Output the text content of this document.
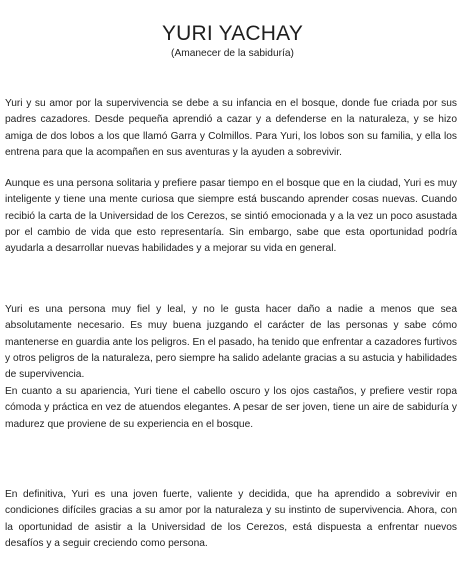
YURI YACHAY
(Amanecer de la sabiduría)

Yuri y su amor por la supervivencia se debe a su infancia en el bosque, donde fue criada por sus padres cazadores. Desde pequeña aprendió a cazar y a defenderse en la naturaleza, y se hizo amiga de dos lobos a los que llamó Garra y Colmillos. Para Yuri, los lobos son su familia, y ella los entrena para que la acompañen en sus aventuras y la ayuden a sobrevivir.

Aunque es una persona solitaria y prefiere pasar tiempo en el bosque que en la ciudad, Yuri es muy inteligente y tiene una mente curiosa que siempre está buscando aprender cosas nuevas. Cuando recibió la carta de la Universidad de los Cerezos, se sintió emocionada y a la vez un poco asustada por el cambio de vida que esto representaría. Sin embargo, sabe que esta oportunidad podría ayudarla a desarrollar nuevas habilidades y a mejorar su vida en general.

Yuri es una persona muy fiel y leal, y no le gusta hacer daño a nadie a menos que sea absolutamente necesario. Es muy buena juzgando el carácter de las personas y sabe cómo mantenerse en guardia ante los peligros. En el pasado, ha tenido que enfrentar a cazadores furtivos y otros peligros de la naturaleza, pero siempre ha salido adelante gracias a su astucia y habilidades de supervivencia.

En cuanto a su apariencia, Yuri tiene el cabello oscuro y los ojos castaños, y prefiere vestir ropa cómoda y práctica en vez de atuendos elegantes. A pesar de ser joven, tiene un aire de sabiduría y madurez que proviene de su experiencia en el bosque.

En definitiva, Yuri es una joven fuerte, valiente y decidida, que ha aprendido a sobrevivir en condiciones difíciles gracias a su amor por la naturaleza y su instinto de supervivencia. Ahora, con la oportunidad de asistir a la Universidad de los Cerezos, está dispuesta a enfrentar nuevos desafíos y a seguir creciendo como persona.
